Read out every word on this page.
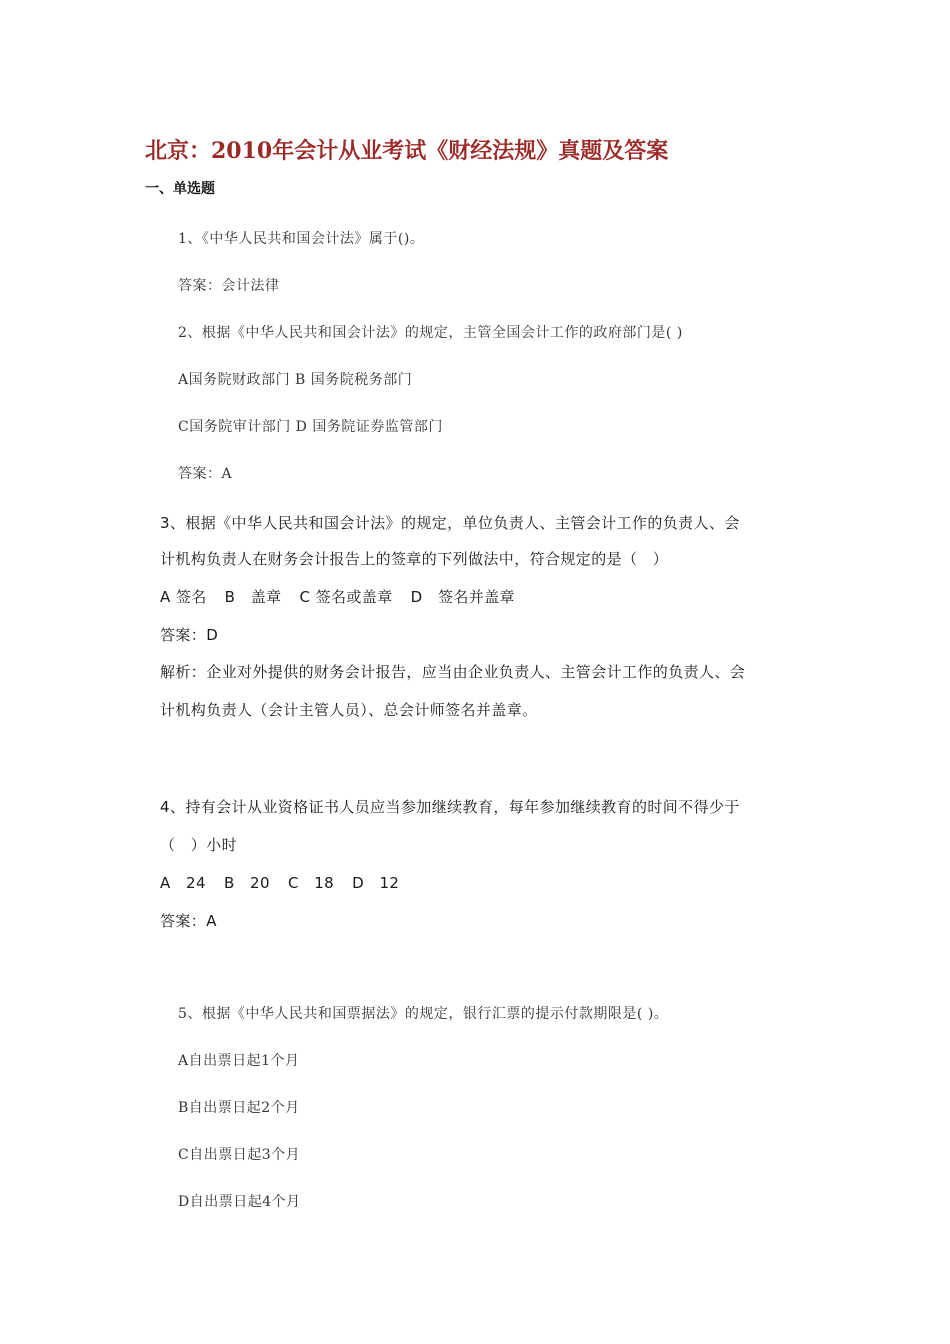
北京：2010年会计从业考试《财经法规》真题及答案
一、单选题
1、《中华人民共和国会计法》属于()。
答案：会计法律
2、根据《中华人民共和国会计法》的规定，主管全国会计工作的政府部门是( )
A国务院财政部门 B 国务院税务部门
C国务院审计部门 D 国务院证券监管部门
答案：A
3、根据《中华人民共和国会计法》的规定，单位负责人、主管会计工作的负责人、会
计机构负责人在财务会计报告上的签章的下列做法中，符合规定的是（　）
A 签名 B　盖章 C 签名或盖章 D　签名并盖章
答案：D
解析：企业对外提供的财务会计报告，应当由企业负责人、主管会计工作的负责人、会
计机构负责人（会计主管人员）、总会计师签名并盖章。
4、持有会计从业资格证书人员应当参加继续教育，每年参加继续教育的时间不得少于
（　）小时
A　24 B　20 C　18 D　12
答案：A
5、根据《中华人民共和国票据法》的规定，银行汇票的提示付款期限是( )。
A自出票日起1个月
B自出票日起2个月
C自出票日起3个月
D自出票日起4个月
